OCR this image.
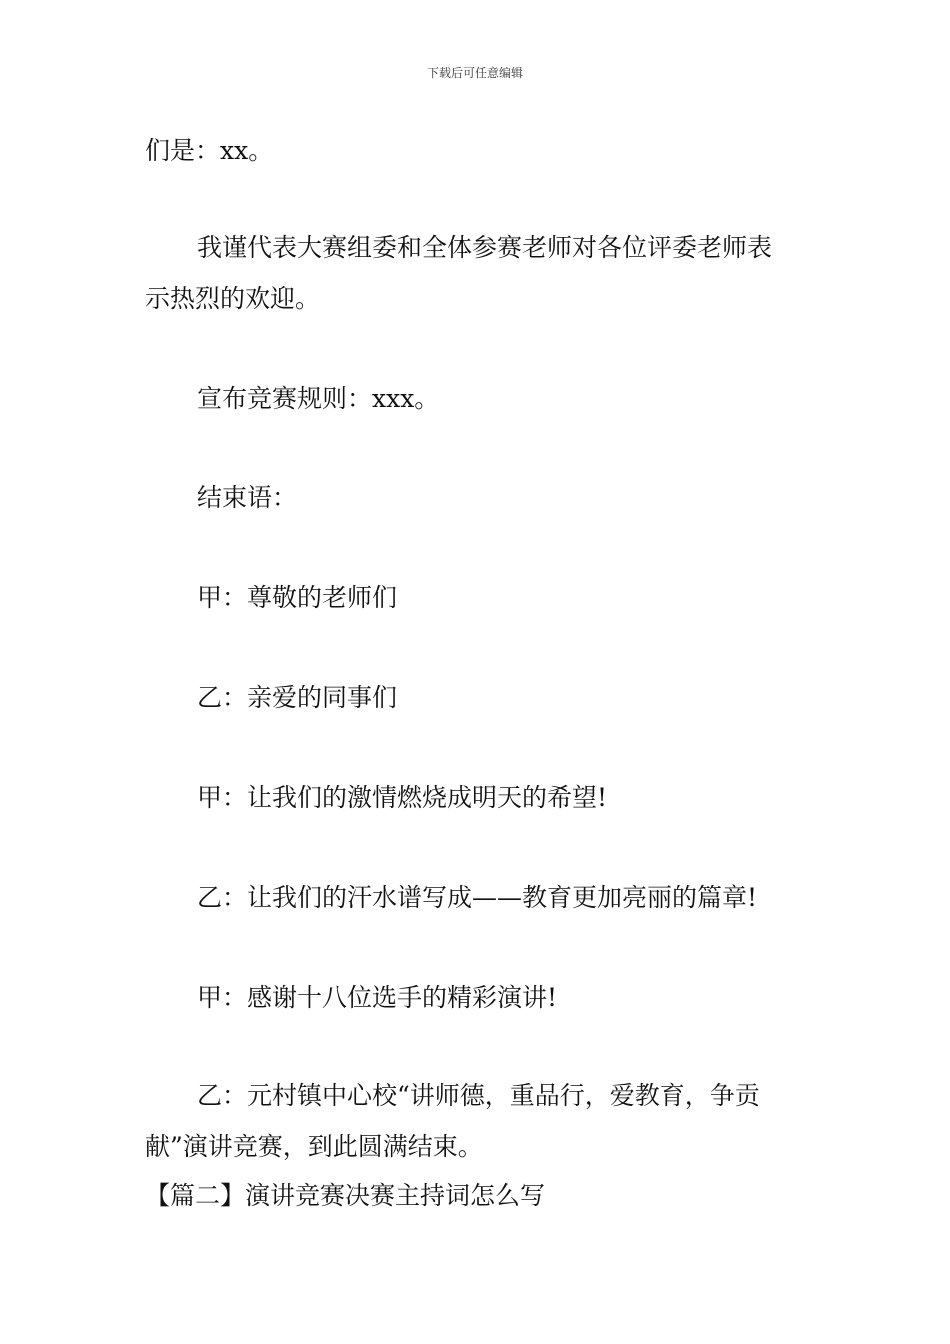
下载后可任意编辑
们是：xx。
我谨代表大赛组委和全体参赛老师对各位评委老师表
示热烈的欢迎。
宣布竞赛规则：xxx。
结束语：
甲：尊敬的老师们
乙：亲爱的同事们
甲：让我们的激情燃烧成明天的希望!
乙：让我们的汗水谱写成——教育更加亮丽的篇章!
甲：感谢十八位选手的精彩演讲!
乙：元村镇中心校“讲师德，重品行，爱教育，争贡
献”演讲竞赛，到此圆满结束。
【篇二】演讲竞赛决赛主持词怎么写
